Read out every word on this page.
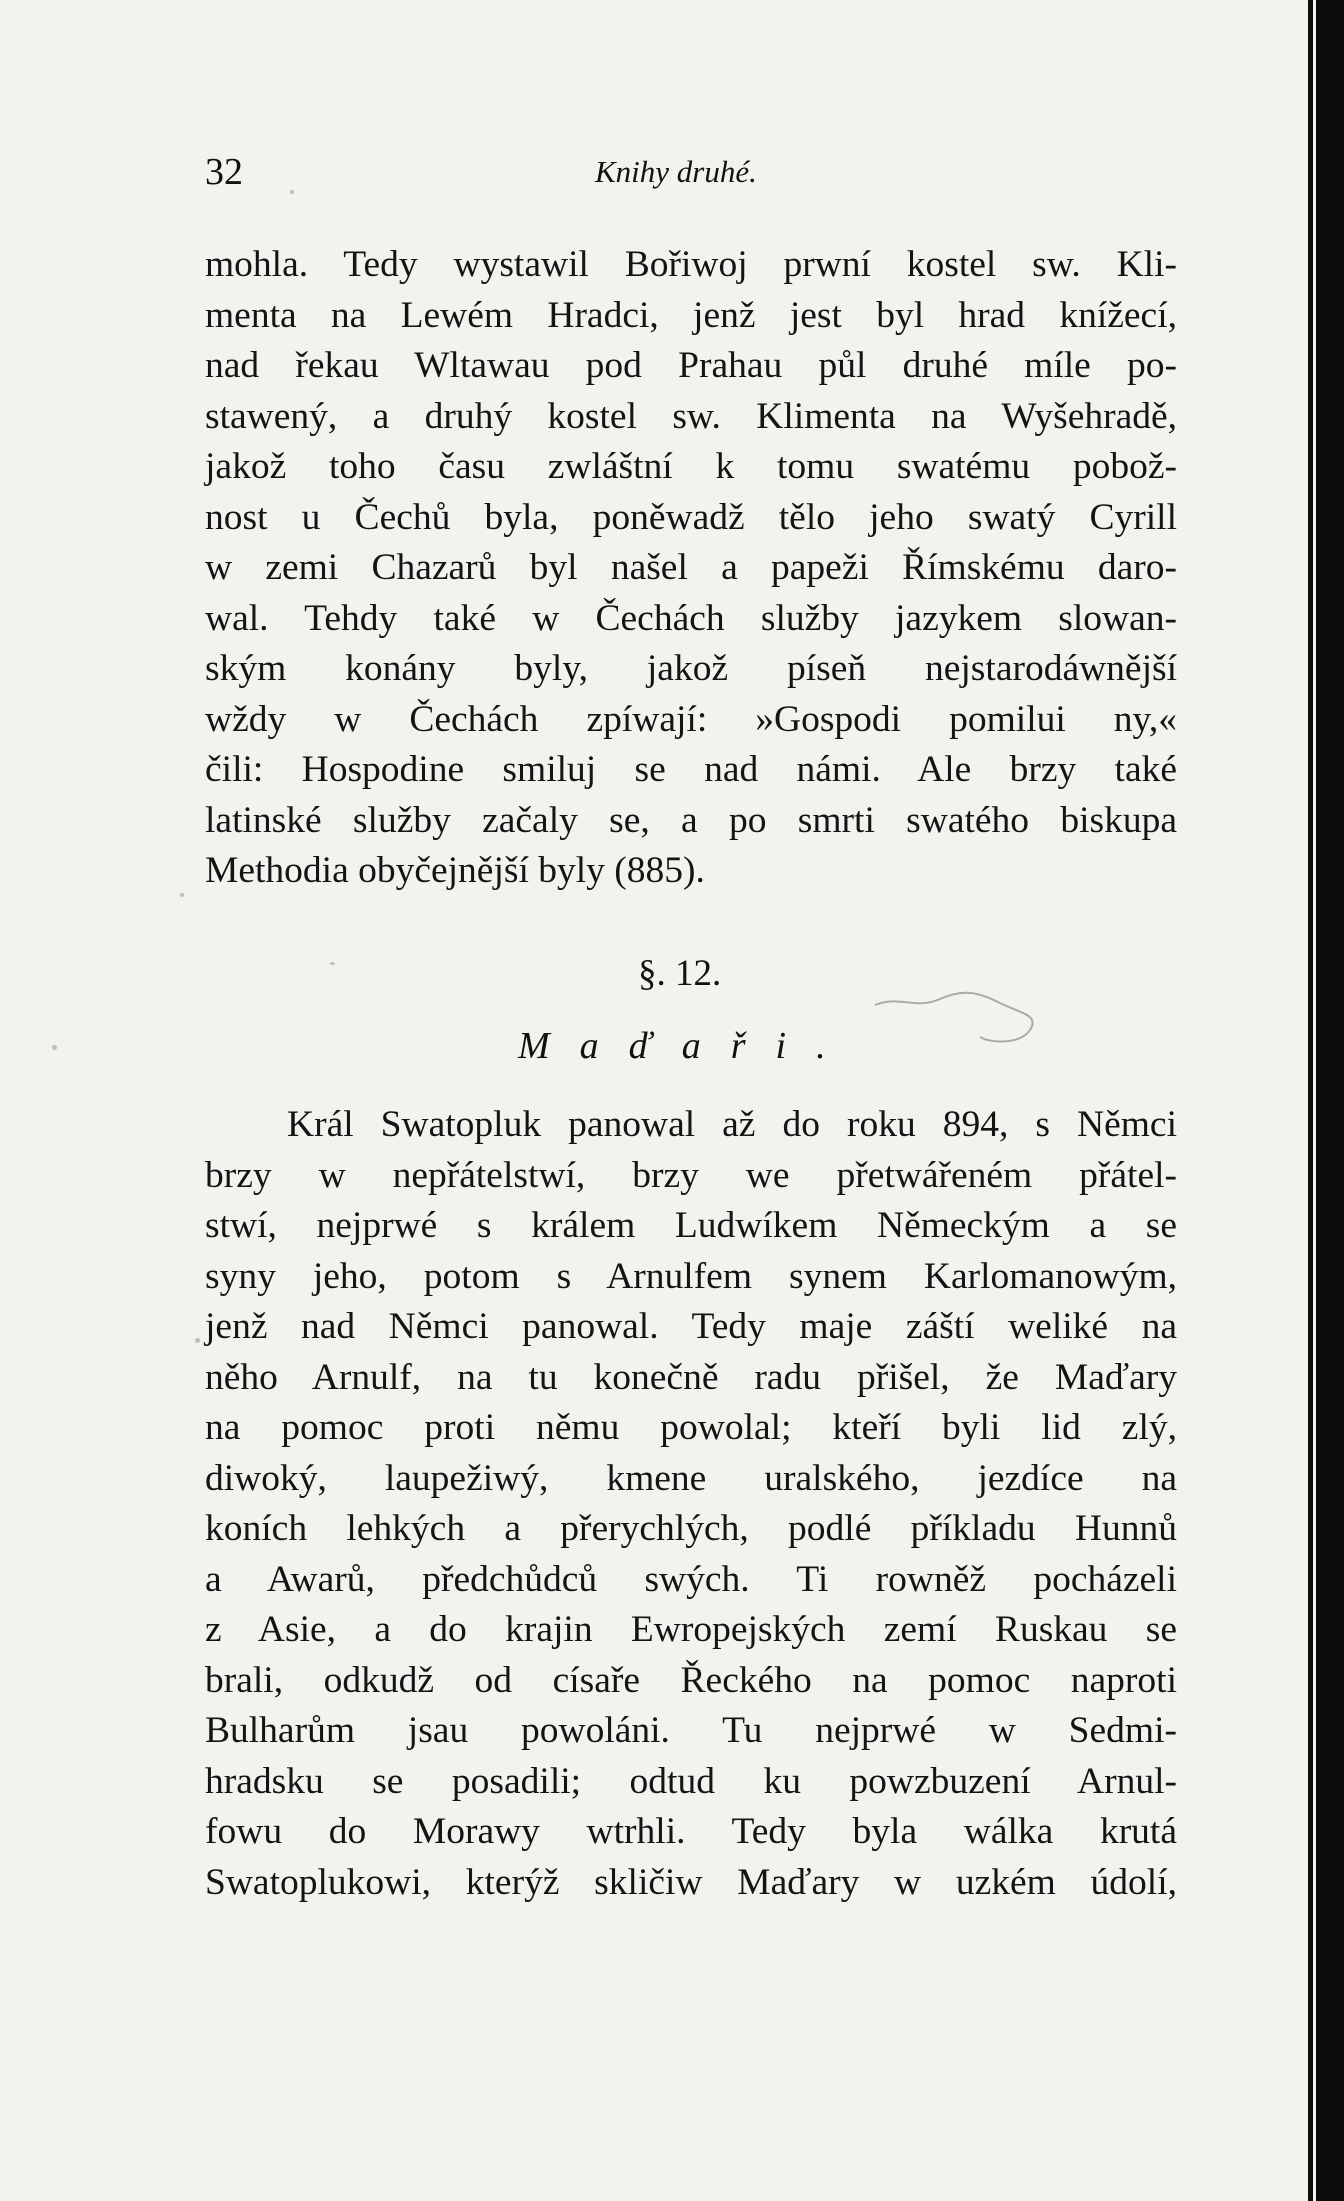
32	Knihy druhé.
mohla. Tedy wystawil Bořiwoj prwní kostel sw. Kli-
menta na Lewém Hradci, jenž jest byl hrad knížecí,
nad řekau Wltawau pod Prahau půl druhé míle po-
stawený, a druhý kostel sw. Klimenta na Wyšehradě,
jakož toho času zwláštní k tomu swatému pobož-
nost u Čechů byla, poněwadž tělo jeho swatý Cyrill
w zemi Chazarů byl našel a papeži Římskému daro-
wal. Tehdy také w Čechách služby jazykem slowan-
ským konány byly, jakož píseň nejstarodáwnější
wždy w Čechách zpíwají: »Gospodi pomilui ny,«
čili: Hospodine smiluj se nad námi. Ale brzy také
latinské služby začaly se, a po smrti swatého biskupa
Methodia obyčejnější byly (885).
§. 12.
Maďaři.
Král Swatopluk panowal až do roku 894, s Němci
brzy w nepřátelstwí, brzy we přetwářeném přátel-
stwí, nejprwé s králem Ludwíkem Německým a se
syny jeho, potom s Arnulfem synem Karlomanowým,
jenž nad Němci panowal. Tedy maje záští weliké na
něho Arnulf, na tu konečně radu přišel, že Maďary
na pomoc proti němu powolal; kteří byli lid zlý,
diwoký, laupežiwý, kmene uralského, jezdíce na
koních lehkých a přerychlých, podlé příkladu Hunnů
a Awarů, předchůdců swých. Ti rowněž pocházeli
z Asie, a do krajin Ewropejských zemí Ruskau se
brali, odkudž od císaře Řeckého na pomoc naproti
Bulharům jsau powoláni. Tu nejprwé w Sedmi-
hradsku se posadili; odtud ku powzbuzení Arnul-
fowu do Morawy wtrhli. Tedy byla wálka krutá
Swatoplukowi, kterýž skličiw Maďary w uzkém údolí,
